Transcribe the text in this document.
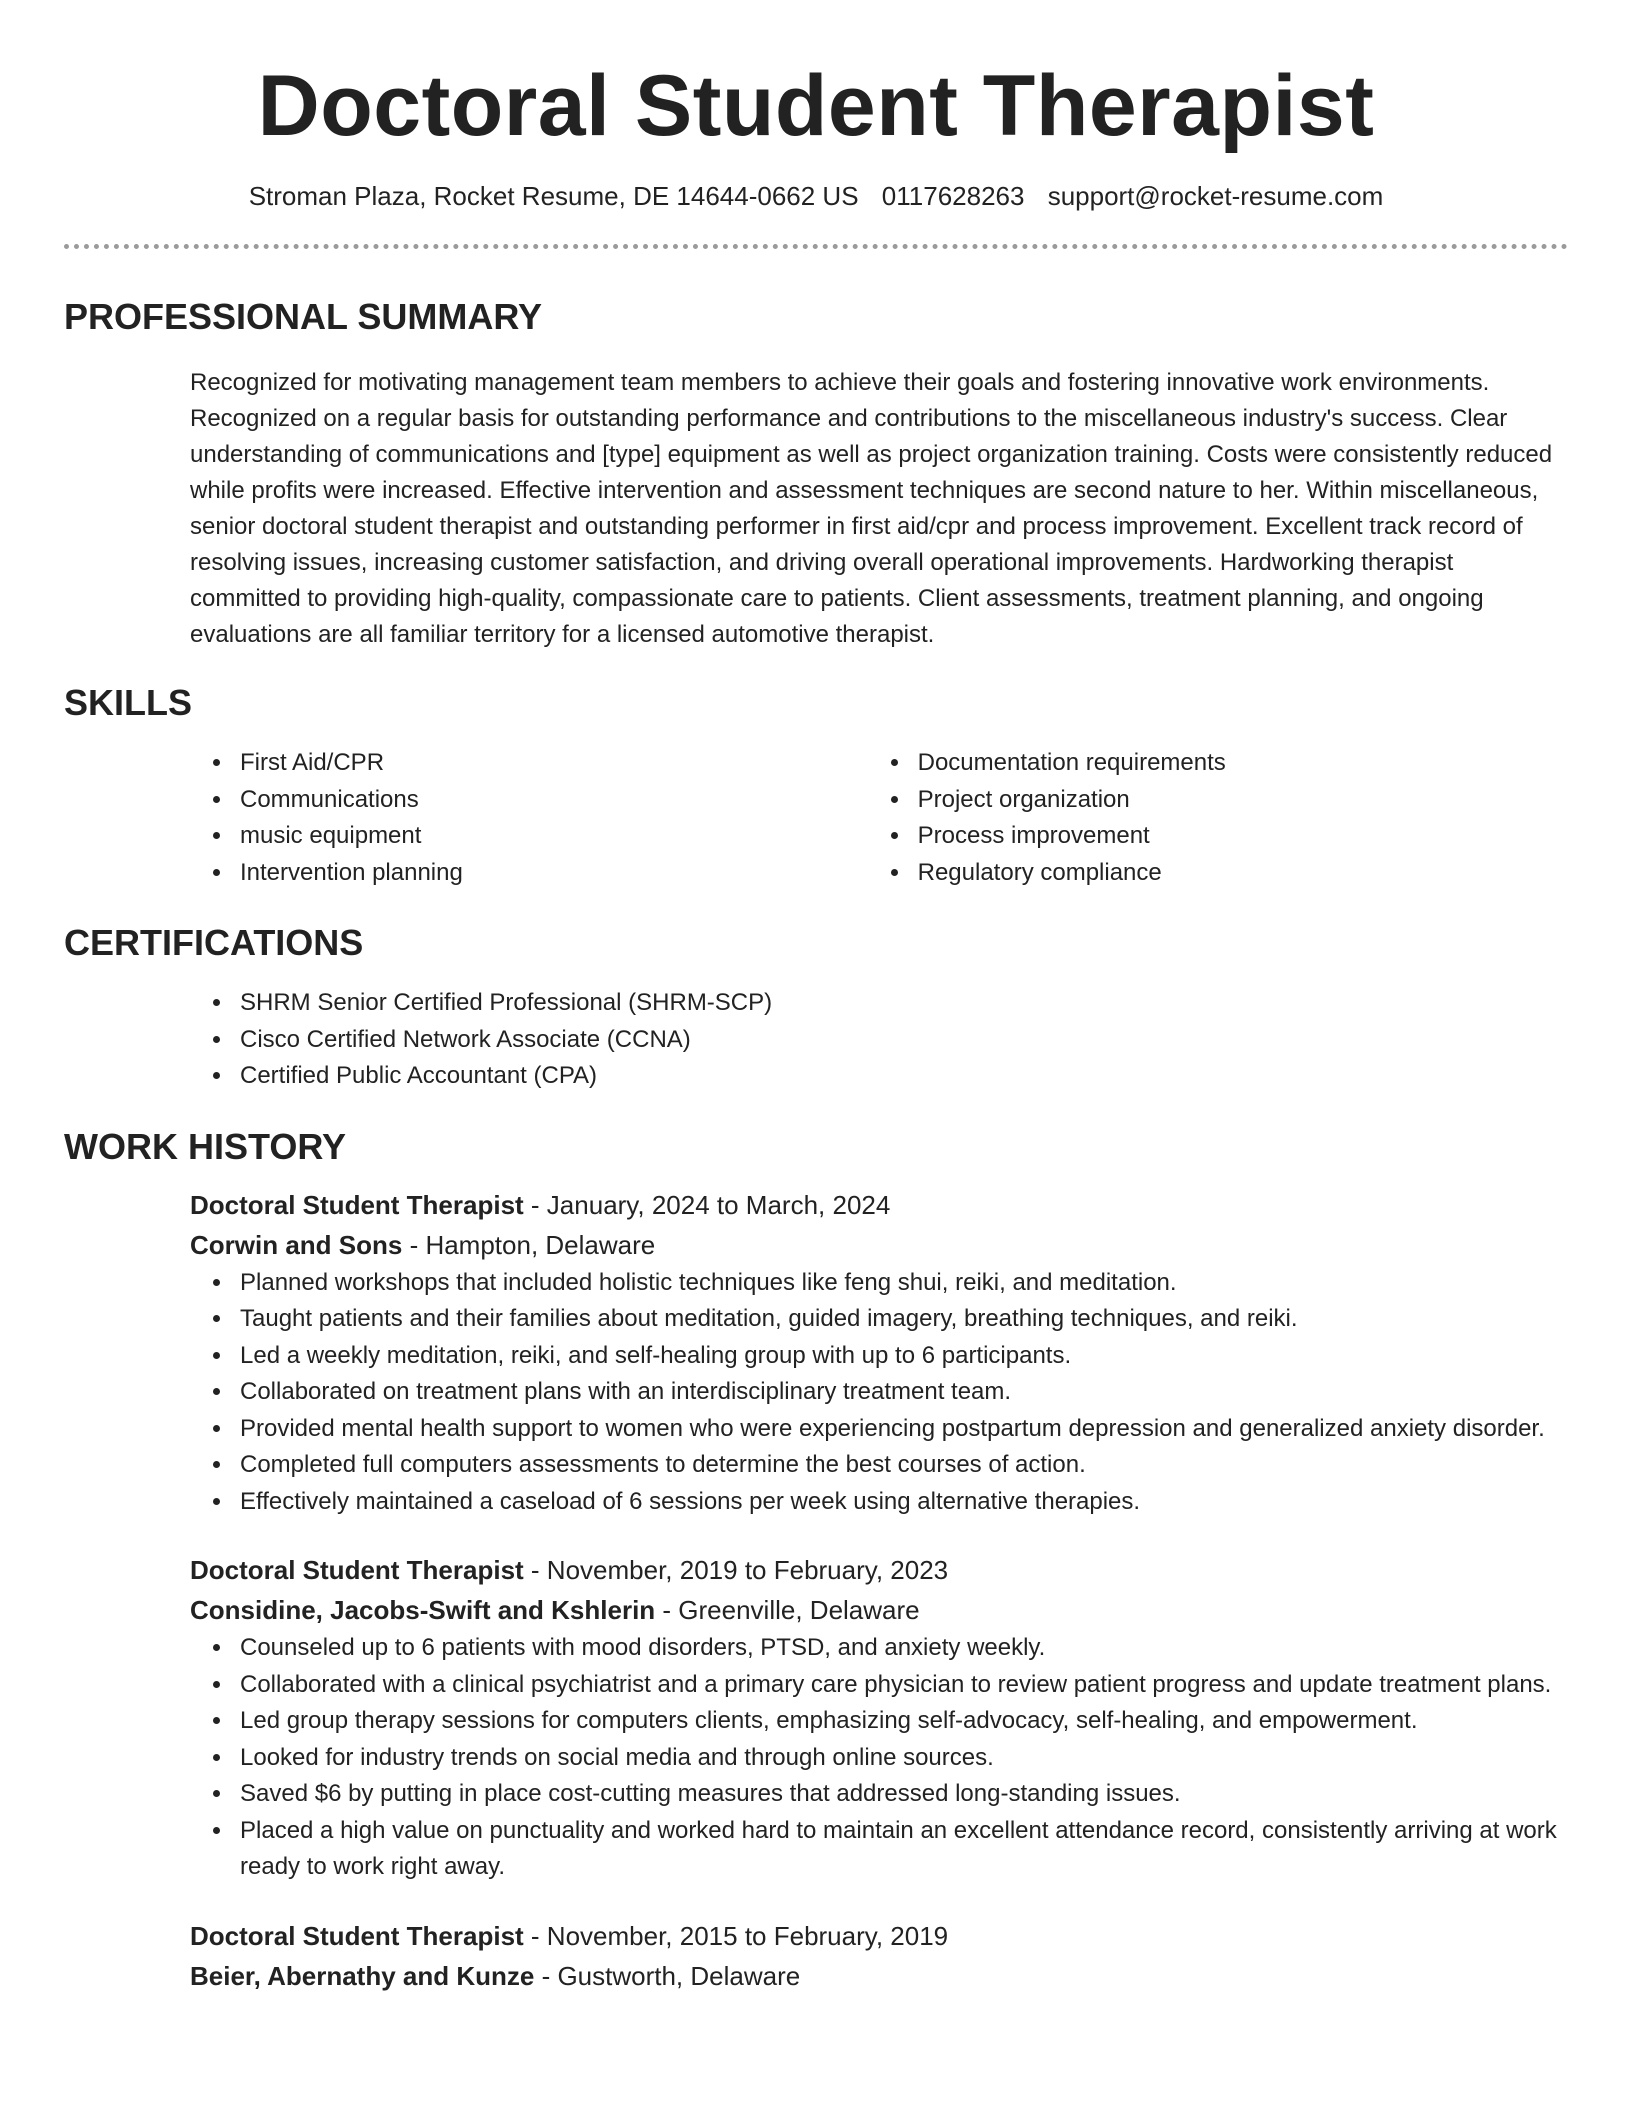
Doctoral Student Therapist
Stroman Plaza, Rocket Resume, DE 14644-0662 US 0117628263 support@rocket-resume.com
PROFESSIONAL SUMMARY
Recognized for motivating management team members to achieve their goals and fostering innovative work environments. Recognized on a regular basis for outstanding performance and contributions to the miscellaneous industry's success. Clear understanding of communications and [type] equipment as well as project organization training. Costs were consistently reduced while profits were increased. Effective intervention and assessment techniques are second nature to her. Within miscellaneous, senior doctoral student therapist and outstanding performer in first aid/cpr and process improvement. Excellent track record of resolving issues, increasing customer satisfaction, and driving overall operational improvements. Hardworking therapist committed to providing high-quality, compassionate care to patients. Client assessments, treatment planning, and ongoing evaluations are all familiar territory for a licensed automotive therapist.
SKILLS
• First Aid/CPR
• Communications
• music equipment
• Intervention planning
• Documentation requirements
• Project organization
• Process improvement
• Regulatory compliance
CERTIFICATIONS
• SHRM Senior Certified Professional (SHRM-SCP)
• Cisco Certified Network Associate (CCNA)
• Certified Public Accountant (CPA)
WORK HISTORY
Doctoral Student Therapist - January, 2024 to March, 2024
Corwin and Sons - Hampton, Delaware
• Planned workshops that included holistic techniques like feng shui, reiki, and meditation.
• Taught patients and their families about meditation, guided imagery, breathing techniques, and reiki.
• Led a weekly meditation, reiki, and self-healing group with up to 6 participants.
• Collaborated on treatment plans with an interdisciplinary treatment team.
• Provided mental health support to women who were experiencing postpartum depression and generalized anxiety disorder.
• Completed full computers assessments to determine the best courses of action.
• Effectively maintained a caseload of 6 sessions per week using alternative therapies.
Doctoral Student Therapist - November, 2019 to February, 2023
Considine, Jacobs-Swift and Kshlerin - Greenville, Delaware
• Counseled up to 6 patients with mood disorders, PTSD, and anxiety weekly.
• Collaborated with a clinical psychiatrist and a primary care physician to review patient progress and update treatment plans.
• Led group therapy sessions for computers clients, emphasizing self-advocacy, self-healing, and empowerment.
• Looked for industry trends on social media and through online sources.
• Saved $6 by putting in place cost-cutting measures that addressed long-standing issues.
• Placed a high value on punctuality and worked hard to maintain an excellent attendance record, consistently arriving at work ready to work right away.
Doctoral Student Therapist - November, 2015 to February, 2019
Beier, Abernathy and Kunze - Gustworth, Delaware
